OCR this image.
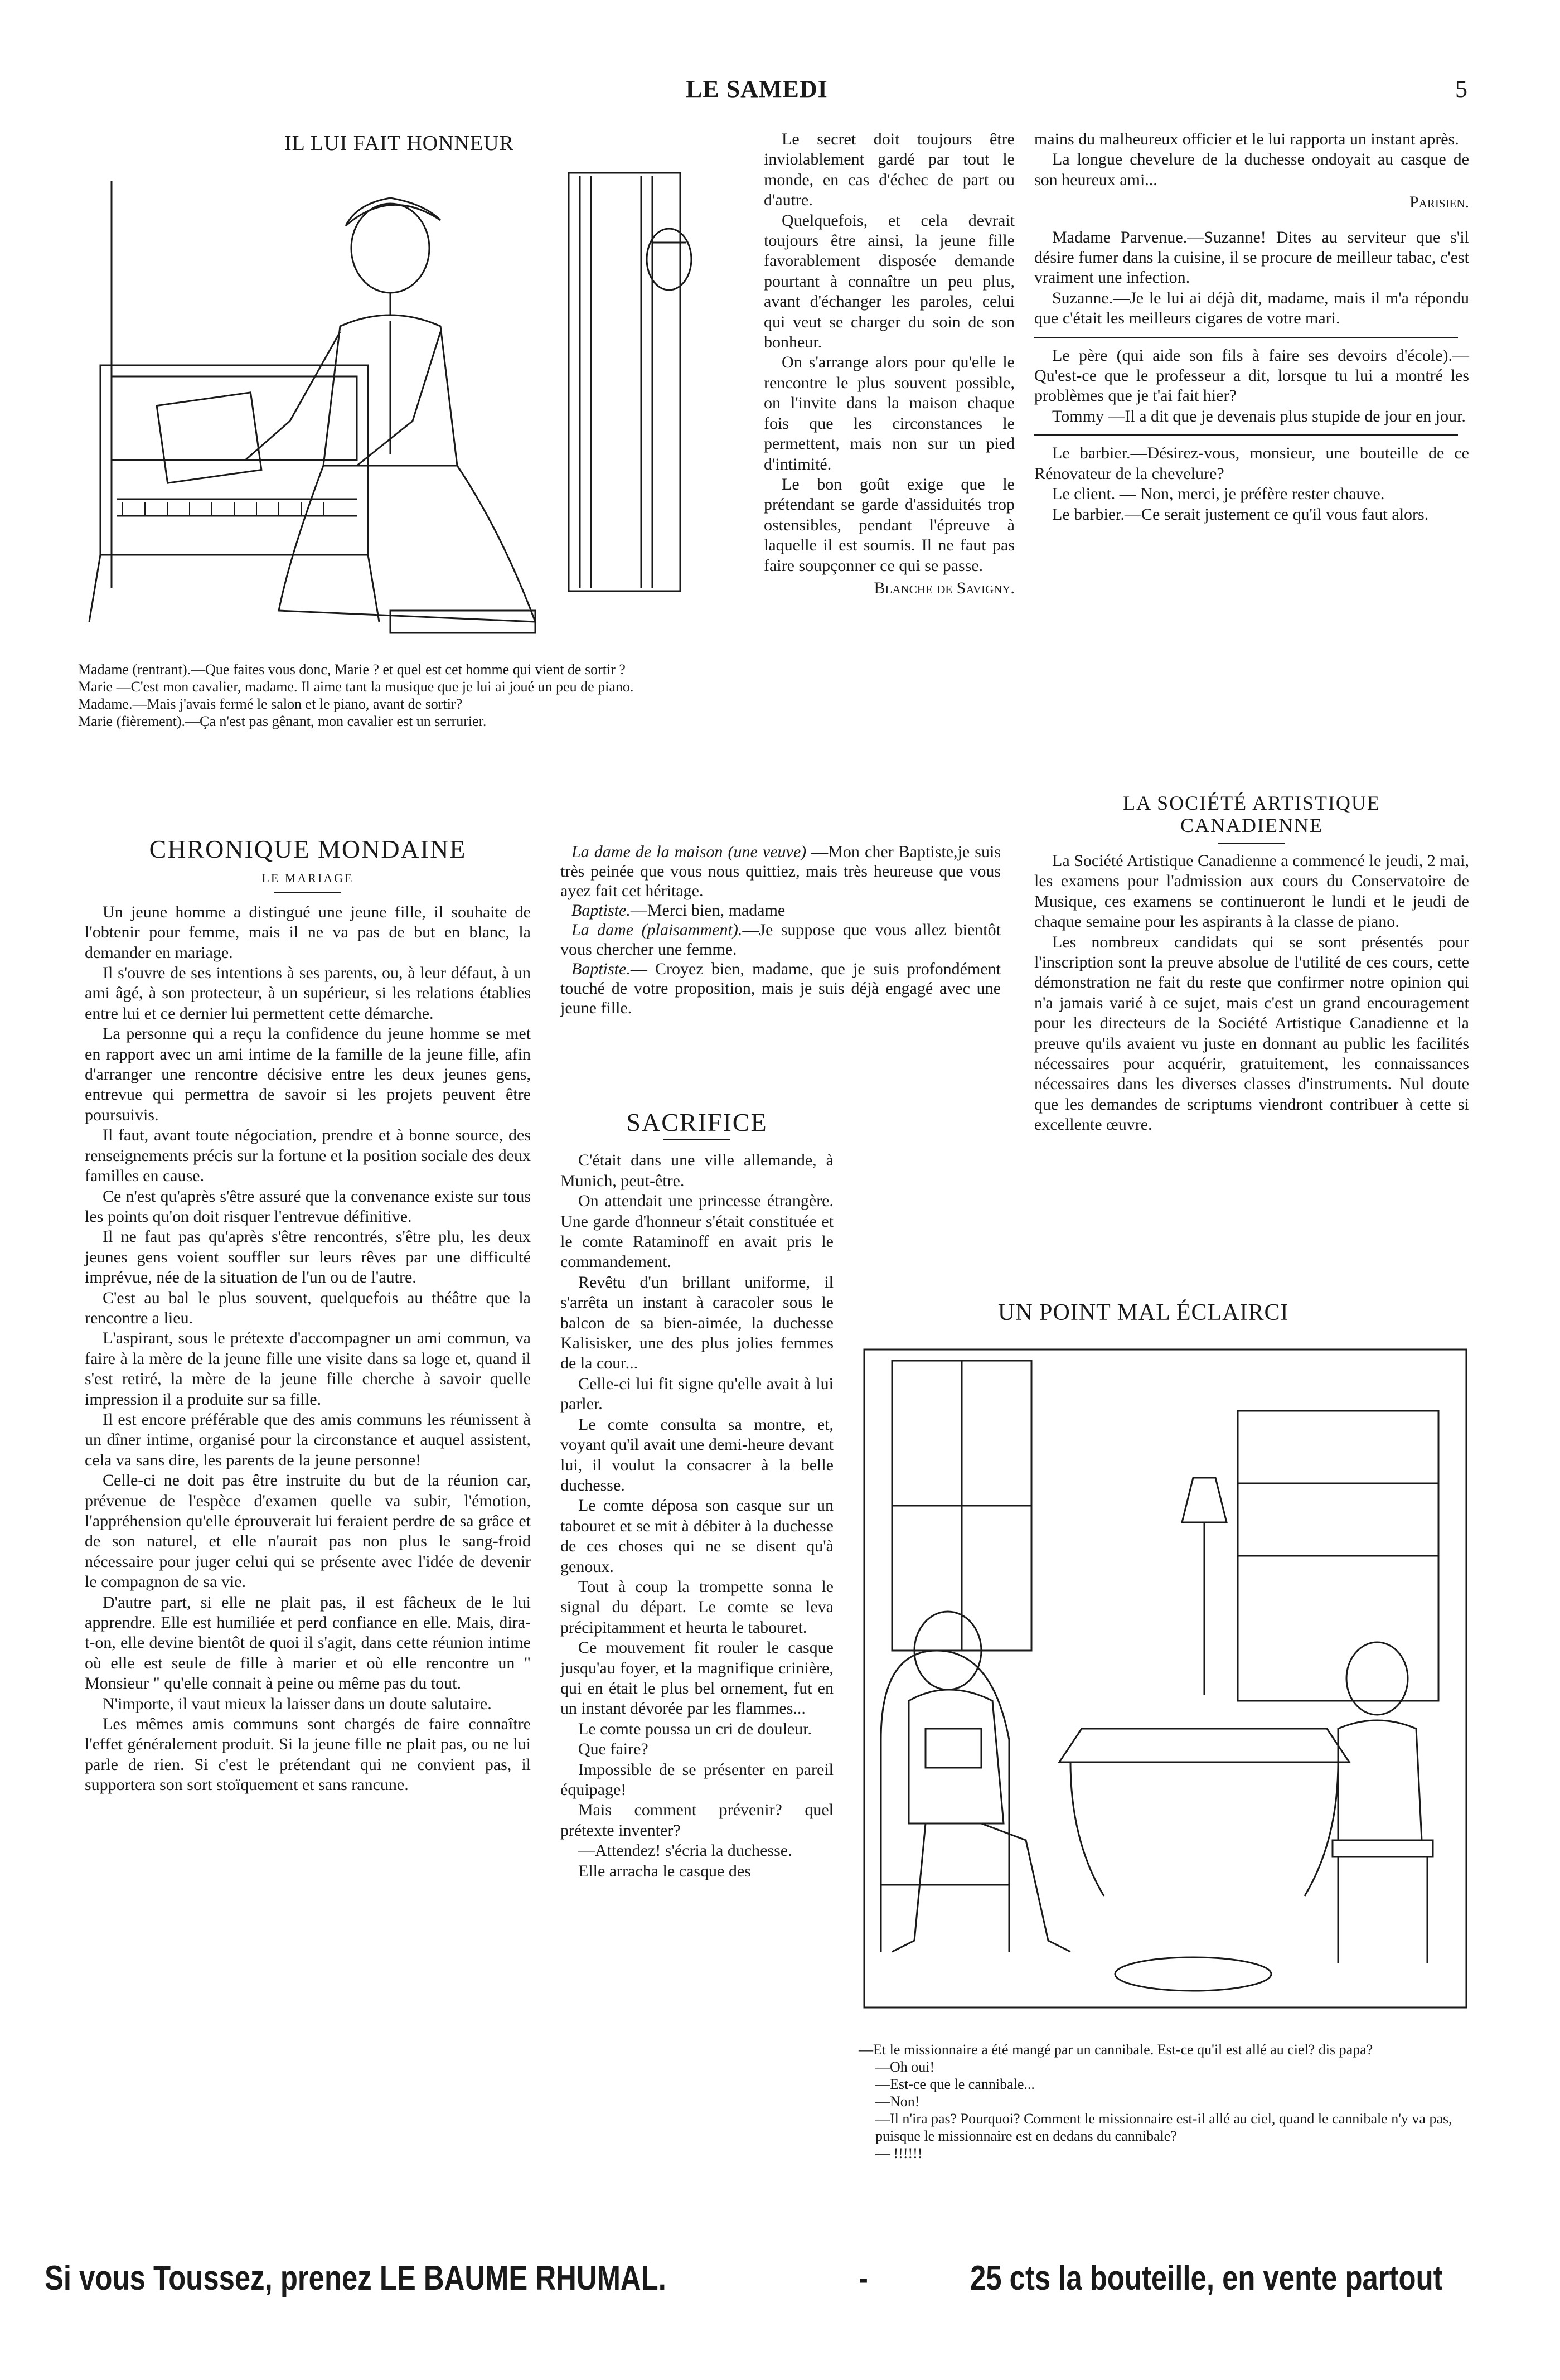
LE SAMEDI	5
IL LUI FAIT HONNEUR

Madame (rentrant).—Que faites vous donc, Marie ? et quel est cet homme qui vient de sortir ?

Marie —C'est mon cavalier, madame. Il aime tant la musique que je lui ai joué un peu de piano.

Madame.—Mais j'avais fermé le salon et le piano, avant de sortir?

Marie (fièrement).—Ça n'est pas gênant, mon cavalier est un serrurier.

Le secret doit toujours être inviolablement gardé par tout le monde, en cas d'échec de part ou d'autre.

Quelquefois, et cela devrait toujours être ainsi, la jeune fille favorablement disposée demande pourtant à connaître un peu plus, avant d'échanger les paroles, celui qui veut se charger du soin de son bonheur.

On s'arrange alors pour qu'elle le rencontre le plus souvent possible, on l'invite dans la maison chaque fois que les circonstances le permettent, mais non sur un pied d'intimité.

Le bon goût exige que le prétendant se garde d'assiduités trop ostensibles, pendant l'épreuve à laquelle il est soumis. Il ne faut pas faire soupçonner ce qui se passe.

Blanche de Savigny.

mains du malheureux officier et le lui rapporta un instant après.

La longue chevelure de la duchesse ondoyait au casque de son heureux ami...

Parisien.

Madame Parvenue.—Suzanne! Dites au serviteur que s'il désire fumer dans la cuisine, il se procure de meilleur tabac, c'est vraiment une infection.

Suzanne.—Je le lui ai déjà dit, madame, mais il m'a répondu que c'était les meilleurs cigares de votre mari.

Le père (qui aide son fils à faire ses devoirs d'école).— Qu'est-ce que le professeur a dit, lorsque tu lui a montré les problèmes que je t'ai fait hier?

Tommy —Il a dit que je devenais plus stupide de jour en jour.

Le barbier.—Désirez-vous, monsieur, une bouteille de ce Rénovateur de la chevelure?

Le client. — Non, merci, je préfère rester chauve.

Le barbier.—Ce serait justement ce qu'il vous faut alors.

LA SOCIÉTÉ ARTISTIQUE CANADIENNE

La Société Artistique Canadienne a commencé le jeudi, 2 mai, les examens pour l'admission aux cours du Conservatoire de Musique, ces examens se continueront le lundi et le jeudi de chaque semaine pour les aspirants à la classe de piano.

Les nombreux candidats qui se sont présentés pour l'inscription sont la preuve absolue de l'utilité de ces cours, cette démonstration ne fait du reste que confirmer notre opinion qui n'a jamais varié à ce sujet, mais c'est un grand encouragement pour les directeurs de la Société Artistique Canadienne et la preuve qu'ils avaient vu juste en donnant au public les facilités nécessaires pour acquérir, gratuitement, les connaissances nécessaires dans les diverses classes d'instruments. Nul doute que les demandes de scriptums viendront contribuer à cette si excellente œuvre.

CHRONIQUE MONDAINE
LE MARIAGE

Un jeune homme a distingué une jeune fille, il souhaite de l'obtenir pour femme, mais il ne va pas de but en blanc, la demander en mariage.

Il s'ouvre de ses intentions à ses parents, ou, à leur défaut, à un ami âgé, à son protecteur, à un supérieur, si les relations établies entre lui et ce dernier lui permettent cette démarche.

La personne qui a reçu la confidence du jeune homme se met en rapport avec un ami intime de la famille de la jeune fille, afin d'arranger une rencontre décisive entre les deux jeunes gens, entrevue qui permettra de savoir si les projets peuvent être poursuivis.

Il faut, avant toute négociation, prendre et à bonne source, des renseignements précis sur la fortune et la position sociale des deux familles en cause.

Ce n'est qu'après s'être assuré que la convenance existe sur tous les points qu'on doit risquer l'entrevue définitive.

Il ne faut pas qu'après s'être rencontrés, s'être plu, les deux jeunes gens voient souffler sur leurs rêves par une difficulté imprévue, née de la situation de l'un ou de l'autre.

C'est au bal le plus souvent, quelquefois au théâtre que la rencontre a lieu.

L'aspirant, sous le prétexte d'accompagner un ami commun, va faire à la mère de la jeune fille une visite dans sa loge et, quand il s'est retiré, la mère de la jeune fille cherche à savoir quelle impression il a produite sur sa fille.

Il est encore préférable que des amis communs les réunissent à un dîner intime, organisé pour la circonstance et auquel assistent, cela va sans dire, les parents de la jeune personne!

Celle-ci ne doit pas être instruite du but de la réunion car, prévenue de l'espèce d'examen quelle va subir, l'émotion, l'appréhension qu'elle éprouverait lui feraient perdre de sa grâce et de son naturel, et elle n'aurait pas non plus le sang-froid nécessaire pour juger celui qui se présente avec l'idée de devenir le compagnon de sa vie.

D'autre part, si elle ne plait pas, il est fâcheux de le lui apprendre. Elle est humiliée et perd confiance en elle. Mais, dira-t-on, elle devine bientôt de quoi il s'agit, dans cette réunion intime où elle est seule de fille à marier et où elle rencontre un " Monsieur " qu'elle connait à peine ou même pas du tout.

N'importe, il vaut mieux la laisser dans un doute salutaire.

Les mêmes amis communs sont chargés de faire connaître l'effet généralement produit. Si la jeune fille ne plait pas, ou ne lui parle de rien. Si c'est le prétendant qui ne convient pas, il supportera son sort stoïquement et sans rancune.

La dame de la maison (une veuve) —Mon cher Baptiste,je suis très peinée que vous nous quittiez, mais très heureuse que vous ayez fait cet héritage.

Baptiste.—Merci bien, madame

La dame (plaisamment).—Je suppose que vous allez bientôt vous chercher une femme.

Baptiste.— Croyez bien, madame, que je suis profondément touché de votre proposition, mais je suis déjà engagé avec une jeune fille.

SACRIFICE

C'était dans une ville allemande, à Munich, peut-être.

On attendait une princesse étrangère. Une garde d'honneur s'était constituée et le comte Rataminoff en avait pris le commandement.

Revêtu d'un brillant uniforme, il s'arrêta un instant à caracoler sous le balcon de sa bien-aimée, la duchesse Kalisisker, une des plus jolies femmes de la cour...

Celle-ci lui fit signe qu'elle avait à lui parler.

Le comte consulta sa montre, et, voyant qu'il avait une demi-heure devant lui, il voulut la consacrer à la belle duchesse.

Le comte déposa son casque sur un tabouret et se mit à débiter à la duchesse de ces choses qui ne se disent qu'à genoux.

Tout à coup la trompette sonna le signal du départ. Le comte se leva précipitamment et heurta le tabouret.

Ce mouvement fit rouler le casque jusqu'au foyer, et la magnifique crinière, qui en était le plus bel ornement, fut en un instant dévorée par les flammes...

Le comte poussa un cri de douleur.

Que faire?

Impossible de se présenter en pareil équipage!

Mais comment prévenir? quel prétexte inventer?

—Attendez! s'écria la duchesse.

Elle arracha le casque des

UN POINT MAL ÉCLAIRCI

—Et le missionnaire a été mangé par un cannibale. Est-ce qu'il est allé au ciel? dis papa?

—Oh oui!

—Est-ce que le cannibale...

—Non!

—Il n'ira pas? Pourquoi? Comment le missionnaire est-il allé au ciel, quand le cannibale n'y va pas, puisque le missionnaire est en dedans du cannibale?

— !!!!!!

Si vous Toussez, prenez LE BAUME RHUMAL.	-	25 cts la bouteille, en vente partout
